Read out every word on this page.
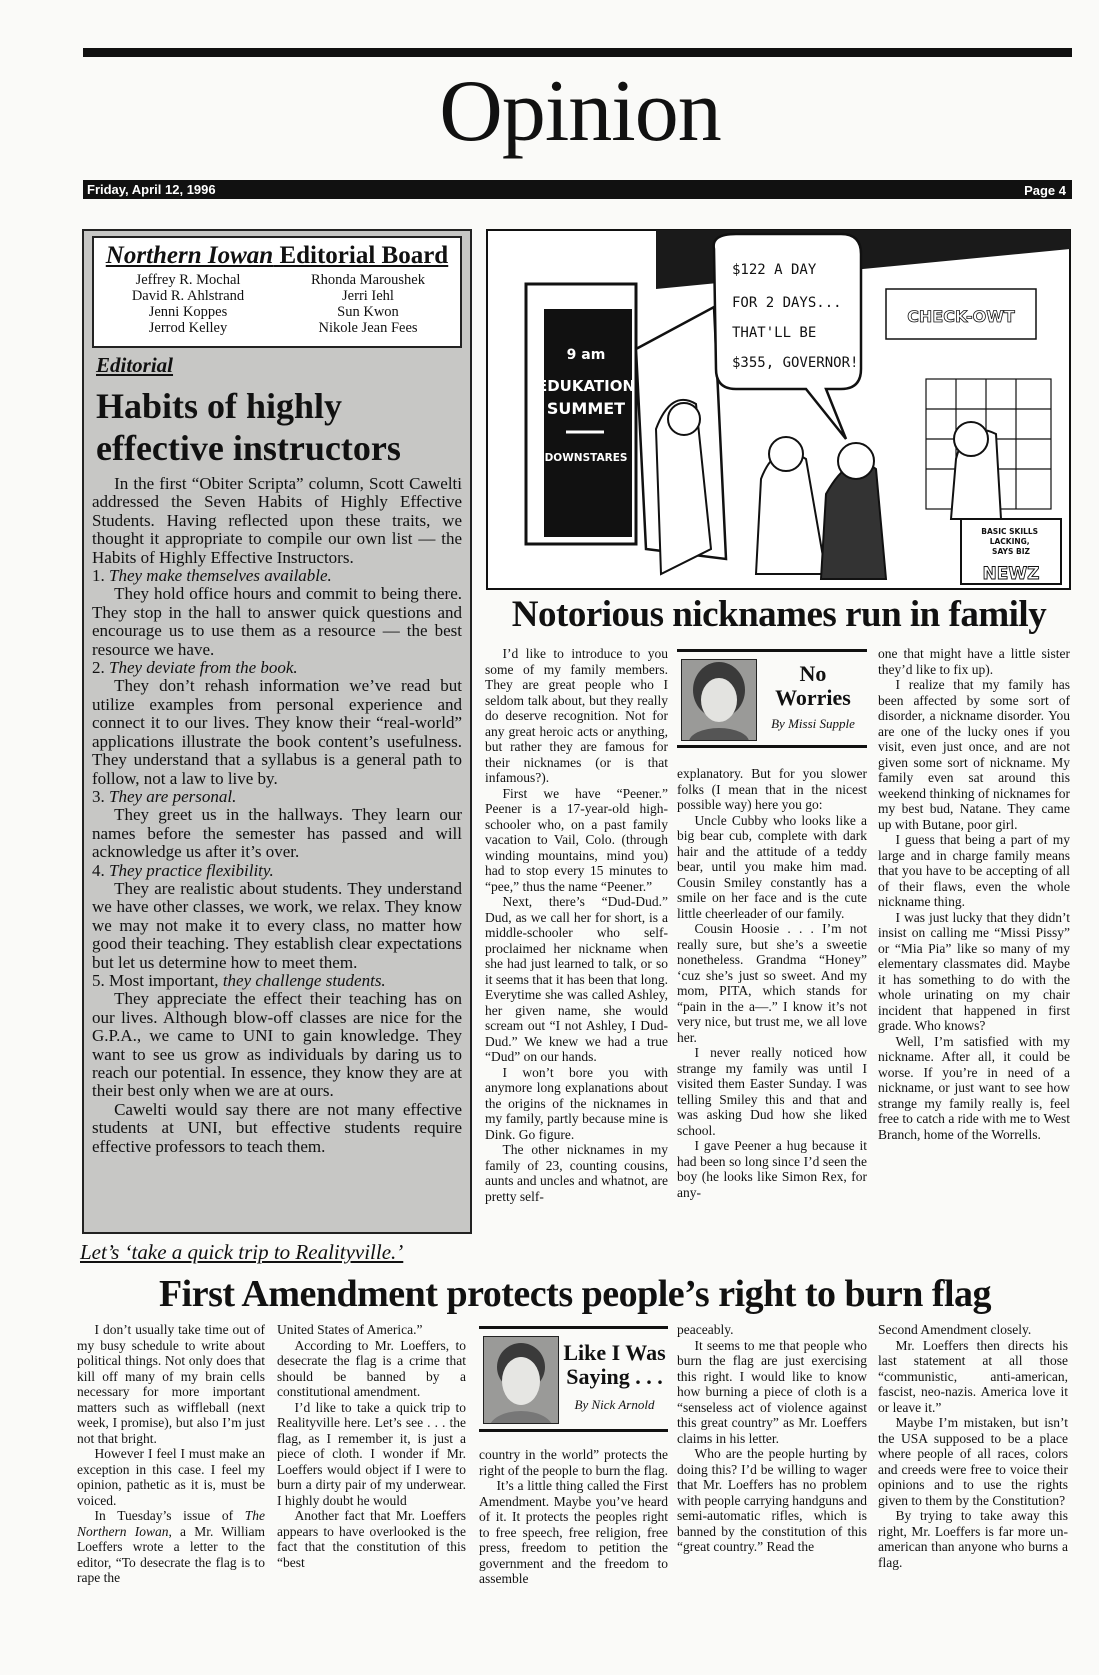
Opinion
Friday, April 12, 1996	Page 4
Northern Iowan Editorial Board
Jeffrey R. Mochal
David R. Ahlstrand
Jenni Koppes
Jerrod Kelley
Rhonda Maroushek
Jerri Iehl
Sun Kwon
Nikole Jean Fees
Editorial
Habits of highly effective instructors

In the first “Obiter Scripta” column, Scott Cawelti addressed the Seven Habits of Highly Effective Students. Having reflected upon these traits, we thought it appropriate to compile our own list — the Habits of Highly Effective Instructors.

1. They make themselves available.

They hold office hours and commit to being there. They stop in the hall to answer quick questions and encourage us to use them as a resource — the best resource we have.

2. They deviate from the book.

They don’t rehash information we’ve read but utilize examples from personal experience and connect it to our lives. They know their “real-world” applications illustrate the book content’s usefulness. They understand that a syllabus is a general path to follow, not a law to live by.

3. They are personal.

They greet us in the hallways. They learn our names before the semester has passed and will acknowledge us after it’s over.

4. They practice flexibility.

They are realistic about students. They understand we have other classes, we work, we relax. They know we may not make it to every class, no matter how good their teaching. They establish clear expectations but let us determine how to meet them.

5. Most important, they challenge students.

They appreciate the effect their teaching has on our lives. Although blow-off classes are nice for the G.P.A., we came to UNI to gain knowledge. They want to see us grow as individuals by daring us to reach our potential. In essence, they know they are at their best only when we are at ours.

Cawelti would say there are not many effective students at UNI, but effective students require effective professors to teach them.

9 am
EDUKATION
SUMMET
DOWNSTARES
$122 A DAY FOR 2 DAYS... THAT'LL BE $355, GOVERNOR!
CHECK-OWT
BASIC SKILLS LACKING, SAYS BIZ
NEWZ
Notorious nicknames run in family

I’d like to introduce to you some of my family members. They are great people who I seldom talk about, but they really do deserve recognition. Not for any great heroic acts or anything, but rather they are famous for their nicknames (or is that infamous?).

First we have “Peener.” Peener is a 17-year-old high-schooler who, on a past family vacation to Vail, Colo. (through winding mountains, mind you) had to stop every 15 minutes to “pee,” thus the name “Peener.”

Next, there’s “Dud-Dud.” Dud, as we call her for short, is a middle-schooler who self-proclaimed her nickname when she had just learned to talk, or so it seems that it has been that long. Everytime she was called Ashley, her given name, she would scream out “I not Ashley, I Dud-Dud.” We knew we had a true “Dud” on our hands.

I won’t bore you with anymore long explanations about the origins of the nicknames in my family, partly because mine is Dink. Go figure.

The other nicknames in my family of 23, counting cousins, aunts and uncles and whatnot, are pretty self-

No
Worries
By Missi Supple

explanatory. But for you slower folks (I mean that in the nicest possible way) here you go:

Uncle Cubby who looks like a big bear cub, complete with dark hair and the attitude of a teddy bear, until you make him mad. Cousin Smiley constantly has a smile on her face and is the cute little cheerleader of our family.

Cousin Hoosie . . . I’m not really sure, but she’s a sweetie nonetheless. Grandma “Honey” ‘cuz she’s just so sweet. And my mom, PITA, which stands for “pain in the a—.” I know it’s not very nice, but trust me, we all love her.

I never really noticed how strange my family was until I visited them Easter Sunday. I was telling Smiley this and that and was asking Dud how she liked school.

I gave Peener a hug because it had been so long since I’d seen the boy (he looks like Simon Rex, for any-

one that might have a little sister they’d like to fix up).

I realize that my family has been affected by some sort of disorder, a nickname disorder. You are one of the lucky ones if you visit, even just once, and are not given some sort of nickname. My family even sat around this weekend thinking of nicknames for my best bud, Natane. They came up with Butane, poor girl.

I guess that being a part of my large and in charge family means that you have to be accepting of all of their flaws, even the whole nickname thing.

I was just lucky that they didn’t insist on calling me “Missi Pissy” or “Mia Pia” like so many of my elementary classmates did. Maybe it has something to do with the whole urinating on my chair incident that happened in first grade. Who knows?

Well, I’m satisfied with my nickname. After all, it could be worse. If you’re in need of a nickname, or just want to see how strange my family really is, feel free to catch a ride with me to West Branch, home of the Worrells.

Let’s ‘take a quick trip to Realityville.’
First Amendment protects people’s right to burn flag

I don’t usually take time out of my busy schedule to write about political things. Not only does that kill off many of my brain cells necessary for more important matters such as wiffleball (next week, I promise), but also I’m just not that bright.

However I feel I must make an exception in this case. I feel my opinion, pathetic as it is, must be voiced.

In Tuesday’s issue of The Northern Iowan, a Mr. William Loeffers wrote a letter to the editor, “To desecrate the flag is to rape the

United States of America.”

According to Mr. Loeffers, to desecrate the flag is a crime that should be banned by a constitutional amendment.

I’d like to take a quick trip to Realityville here. Let’s see . . . the flag, as I remember it, is just a piece of cloth. I wonder if Mr. Loeffers would object if I were to burn a dirty pair of my underwear. I highly doubt he would

Another fact that Mr. Loeffers appears to have overlooked is the fact that the constitution of this “best

Like I Was
Saying . . .
By Nick Arnold

country in the world” protects the right of the people to burn the flag.

It’s a little thing called the First Amendment. Maybe you’ve heard of it. It protects the peoples right to free speech, free religion, free press, freedom to petition the government and the freedom to assemble

peaceably.

It seems to me that people who burn the flag are just exercising this right. I would like to know how burning a piece of cloth is a “senseless act of violence against this great country” as Mr. Loeffers claims in his letter.

Who are the people hurting by doing this? I’d be willing to wager that Mr. Loeffers has no problem with people carrying handguns and semi-automatic rifles, which is banned by the constitution of this “great country.” Read the

Second Amendment closely.

Mr. Loeffers then directs his last statement at all those “communistic, anti-american, fascist, neo-nazis. America love it or leave it.”

Maybe I’m mistaken, but isn’t the USA supposed to be a place where people of all races, colors and creeds were free to voice their opinions and to use the rights given to them by the Constitution?

By trying to take away this right, Mr. Loeffers is far more un-american than anyone who burns a flag.
